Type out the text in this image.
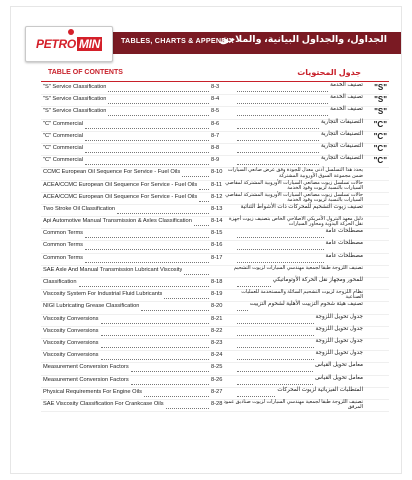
PETRO MIN	TABLES, CHARTS & APPENDIX
الجداول، والجداول البيانية، والملاحق
TABLE OF CONTENTS	جدول المحتويات
"S" Service Classification	8-3	تصنيف الخدمة "S"
"S" Service Classification	8-4	تصنيف الخدمة "S"
"S" Service Classification	8-5	تصنيف الخدمة "S"
"C" Commercial	8-6	التصنيفات التجارية "C"
"C" Commercial	8-7	التصنيفات التجارية "C"
"C" Commercial	8-8	التصنيفات التجارية "C"
"C" Commercial	8-9	التصنيفات التجارية "C"
CCMC European Oil Sequence For Service - Fuel Oils	8-10	يحدد هذا التسلسل أدنى معدل للجودة وفق عرض صانعي السيارات ضمن مجموعة السوق الأوروبية المشتركة
ACEA/CCMC European Oil Sequence For Service - Fuel Oils 8-11 حالات تسلسل زيوت مصانعي السيارات الأوروبية المشتركة لمقاصي السيارات بالنسبة لزيوت وقود الخدمة
ACEA/CCMC European Oil Sequence For Service - Fuel Oils 8-12 حالات تسلسل زيوت مصانعي السيارات الأوروبية المشتركة لمقاصي السيارات بالنسبة لزيوت وقود الخدمة
Two Stroke Oil Classification	8-13	تصنيف زيوت التشحيم للمحركات ذات الأشواط الثنائية
Api Automotive Manual Transmission & Axles Classification	8-14	دليل معهد البترول الأمريكي الاصلاحي الخاص بتصنيف زيوت أجهزة نقل الحركة اليدوية ومحاور السيارات
Common Terms	8-15	مصطلحات عامة
Common Terms	8-16	مصطلحات عامة
Common Terms	8-17	مصطلحات عامة
SAE Axle And Manual Transmission Lubricant Viscosity	تصنيف اللزوجة طبقا لجمعية مهندسي السيارات لزيوت التشحيم
Classification	8-18	للمحور ومجهاز نقل الحركة الأوتوماتيكي
Viscosity System For Industrial Fluid Lubricants	8-19	نظام اللزوجة لزيوت التشحيم السائلة والمستخدمة للعمليات الصناعية
NIGI Lubricating Grease Classification	8-20	تصنيف هيئة شحوم التزييت الأهلية لشحوم التزييت
Viscosity Conversions	8-21	جدول تحويل اللزوجة
Viscosity Conversions	8-22	جدول تحويل اللزوجة
Viscosity Conversions	8-23	جدول تحويل اللزوجة
Viscosity Conversions	8-24	جدول تحويل اللزوجة
Measurement Conversion Factors	8-25	معامل تحويل القياس
Measurement Conversion Factors	8-26	معامل تحويل القياس
Physical Requirements For Engine Oils	8-27	المتطلبات الفيزيائية لزيوت المحركات
SAE Viscosity Classification For Crankcase Oils	8-28 تصنيف اللزوجة طبقا لجمعية مهندسي السيارات لزيوت صناديق عمود المرفق
